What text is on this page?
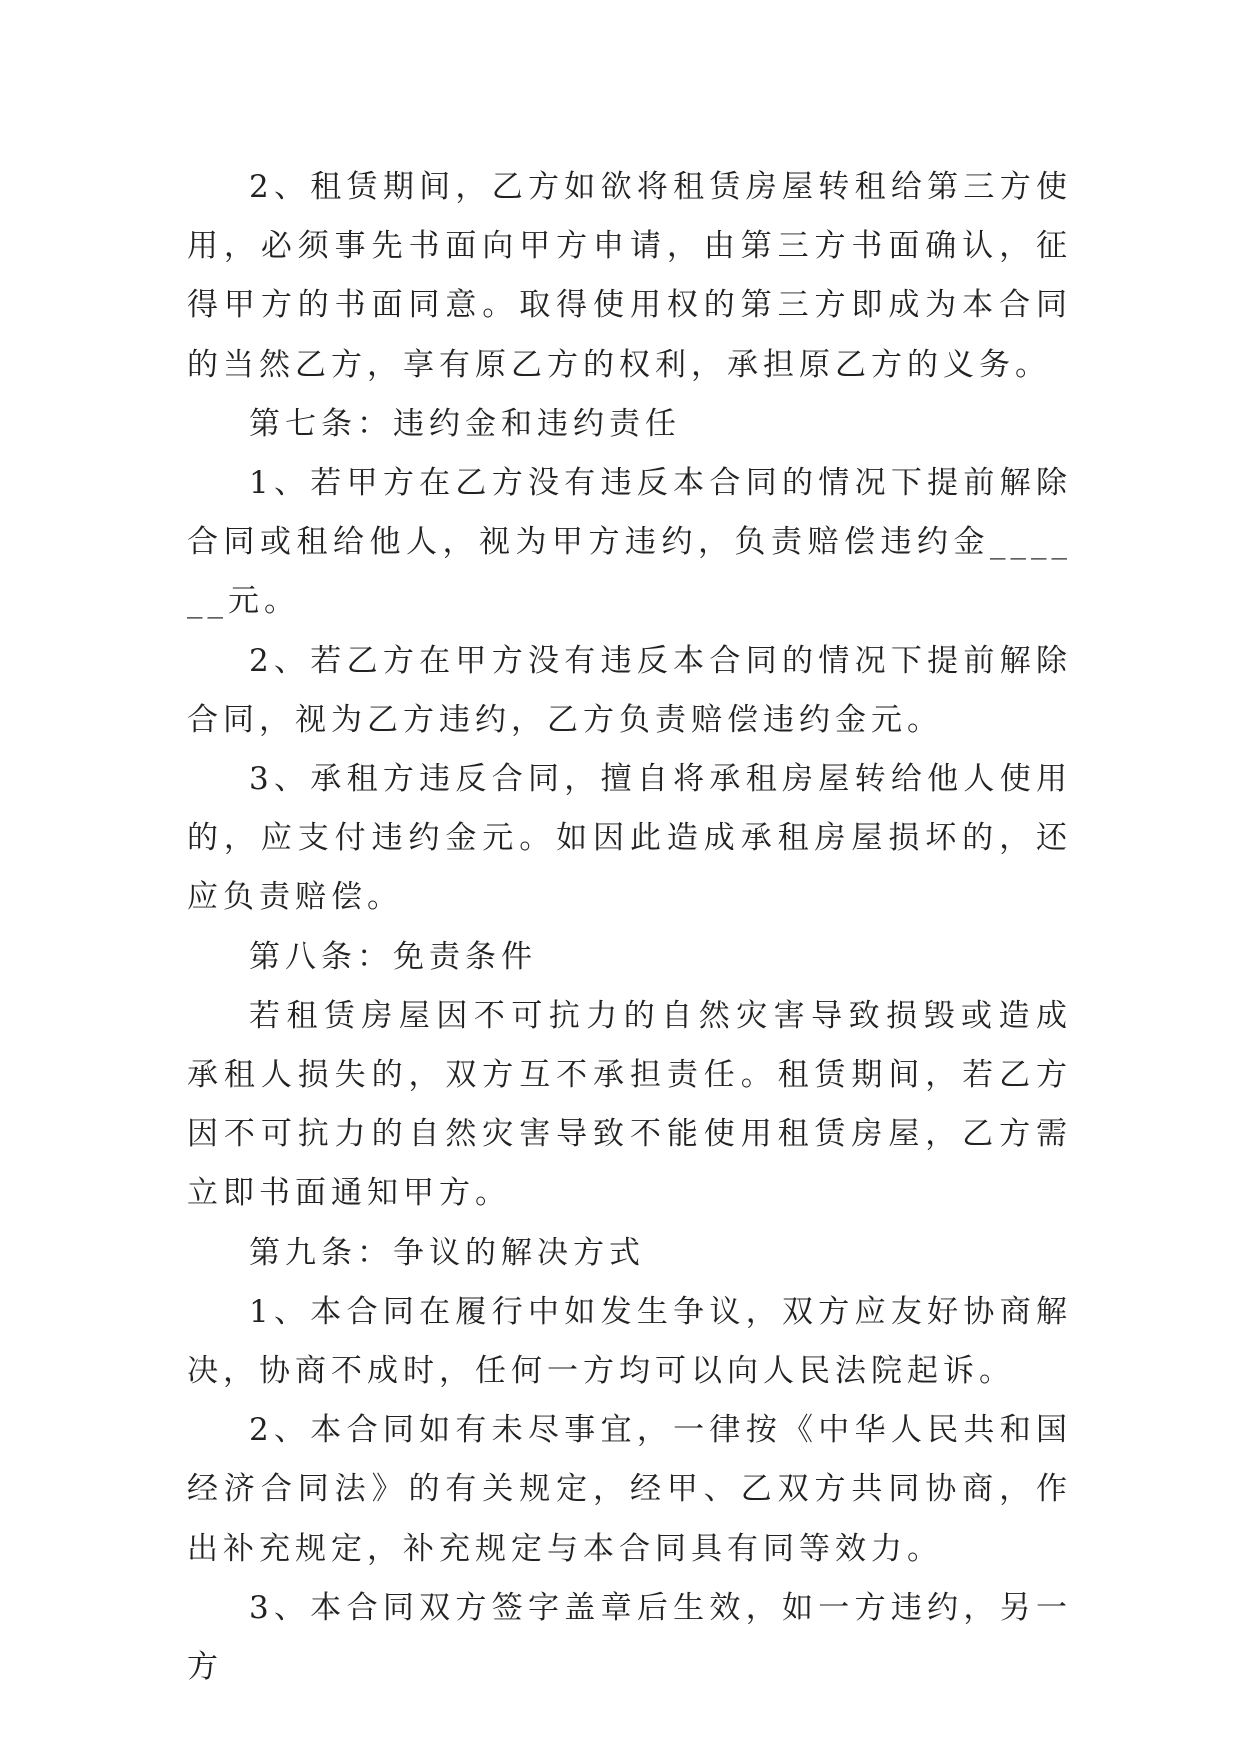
2、租赁期间，乙方如欲将租赁房屋转租给第三方使用，必须事先书面向甲方申请，由第三方书面确认，征得甲方的书面同意。取得使用权的第三方即成为本合同的当然乙方，享有原乙方的权利，承担原乙方的义务。

第七条：违约金和违约责任

1、若甲方在乙方没有违反本合同的情况下提前解除合同或租给他人，视为甲方违约，负责赔偿违约金______元。

2、若乙方在甲方没有违反本合同的情况下提前解除合同，视为乙方违约，乙方负责赔偿违约金元。

3、承租方违反合同，擅自将承租房屋转给他人使用的，应支付违约金元。如因此造成承租房屋损坏的，还应负责赔偿。

第八条：免责条件

若租赁房屋因不可抗力的自然灾害导致损毁或造成承租人损失的，双方互不承担责任。租赁期间，若乙方因不可抗力的自然灾害导致不能使用租赁房屋，乙方需立即书面通知甲方。

第九条：争议的解决方式

1、本合同在履行中如发生争议，双方应友好协商解决，协商不成时，任何一方均可以向人民法院起诉。

2、本合同如有未尽事宜，一律按《中华人民共和国经济合同法》的有关规定，经甲、乙双方共同协商，作出补充规定，补充规定与本合同具有同等效力。

3、本合同双方签字盖章后生效，如一方违约，另一方
